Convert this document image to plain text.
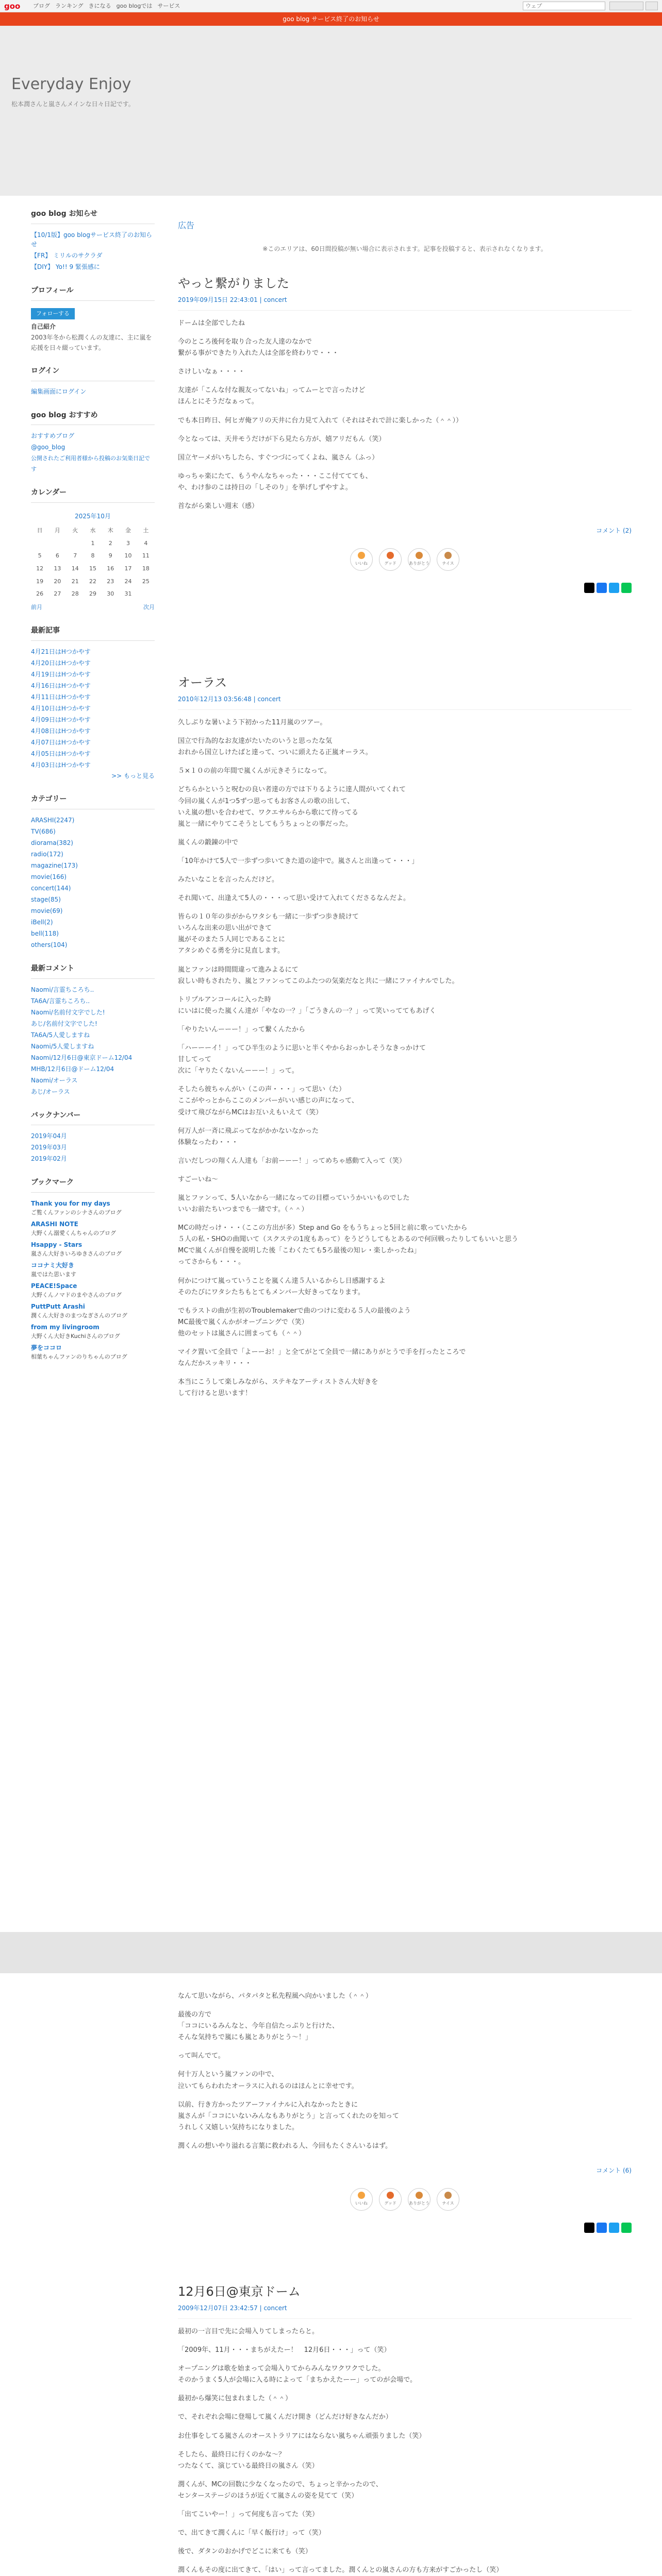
goo ブログ ランキング きになる goo blogでは サービス	ウェブ
goo blog サービス終了のお知らせ
Everyday Enjoy

松本潤さんと嵐さんメインな日々日記です。

goo blog お知らせ
【10/1版】goo blogサービス終了のお知らせ
【FR】 ミリルのサクラダ
【DIY】 Yo!! 9 緊張感に
プロフィール
フォローする
自己紹介
2003年冬から松潤くんの友達に、主に嵐を応援を日々綴っています。
ログイン
編集画面にログイン
goo blog おすすめ
おすすめブログ
@goo_blog
公開されたご利用者様から投稿のお気楽日記です
カレンダー
2025年10月
日	月	火	水	木	金	土
			1	2	3	4
5	6	7	8	9	10	11
12	13	14	15	16	17	18
19	20	21	22	23	24	25
26	27	28	29	30	31	
前月	次月
最新記事
4月21日はHつかやす
4月20日はHつかやす
4月19日はHつかやす
4月16日はHつかやす
4月11日はHつかやす
4月10日はHつかやす
4月09日はHつかやす
4月08日はHつかやす
4月07日はHつかやす
4月05日はHつかやす
4月03日はHつかやす
>> もっと見る
カテゴリー
ARASHI(2247)
TV(686)
diorama(382)
radio(172)
magazine(173)
movie(166)
concert(144)
stage(85)
movie(69)
iBell(2)
bell(118)
others(104)
最新コメント
Naomi/言霊ちころち..
TA6A/言霊ちころち..
Naomi/名前付文字でした!
あじ/名前付文字でした!
TA6A/5人愛しますね
Naomi/5人愛しますね
Naomi/12月6日@東京ドーム12/04
MHB/12月6日@ドーム12/04
Naomi/オーラス
あじ/オーラス
バックナンバー
2019年04月
2019年03月
2019年02月
ブックマーク
Thank you for my days
ご覧くんファンのシナさんのブログ
ARASHI NOTE
大野くん溺愛くんちゃんのブログ
Hsappy - Stars
嵐さん大好きいろゆきさんのブログ
ココナミ大好き
嵐ではた思います
PEACE!Space
大野くんノマドのまやさんのブログ
PuttPutt Arashi
潤くん大好きのまつなぎさんのブログ
from my livingroom
大野くん大好きKuchiさんのブログ
夢をココロ
相葉ちゃんファンのりちゃんのブログ
広告
※このエリアは、60日間投稿が無い場合に表示されます。記事を投稿すると、表示されなくなります。
やっと繋がりました
2019年09月15日 22:43:01 | concert

ドームは全部でしたね

今のところ後何を取り合った友人達のなかで
繋がる事ができたり入れた人は全部を終わりで・・・

さけしいなぁ・・・・

友達が「こんな付な親友ってないね」ってムーとで言ったけど
ほんとにそうだなぁって。

でも本日昨日、何ヒガ俺アリの天井に台力見て入れて（それはそれで計に楽しかった（＾＾））

今となっては、天井モうだけが下ら見たら方が、嬉アリだもん（笑）

国立ヤーメがいちしたら、すぐつづにってくよね、嵐さん（ふっ）

ゆっちゃ楽にたて、もうやんなちゃった・・・ここ付ててても、
や、わけ参のこは持日の「しそのり」を挙げしずやすよ。

首ながら楽しい週末（感）

コメント (2)
いいね	グッド	ありがとう	ナイス
オーラス
2010年12月13 03:56:48 | concert

久しぶりな暑いよう下初かった11月嵐のツアー。

国立で行為的なお友達がたいたのいうと思ったな気
おれから国立しけたばと達って、ついに頭えたる正嵐オーラス。

５×１０の前の年間で嵐くんが元きそうになって。

どちらかというと呪むの良い者達の方では下りるように達人間がいてくれて
今回の嵐くんが1つ5ずつ思ってもお客さんの歌の出して、
いえ嵐の想いを合わせて、ワクエサルらから歌にて待ってる
嵐と一緒にやりてこそうとしてもうちょっとの事だった。

嵐くんの鍛錬の中で

「10年かけて5人で一歩ずつ歩いてきた道の途中で。嵐さんと出逢って・・・」

みたいなことを言ったんだけど。

それ聞いて、出逢えて5人の・・・って思い受けて入れてくださるなんだよ。

皆らの１０年の歩がからワタシも一緒に一歩ずつ歩き続けて
いろんな出来の思い出ができて
嵐がそのまた５人同じであることに
アタシめぐる勇を分に見直します。

嵐とファンは時間間違って進みよるにて
寂しい時もされたり、嵐とファンってこのふたつの気楽だなと共に一緒にファイナルでした。

トリプルアンコールに入った時
にいはに使った嵐くん達が「やなの一？」「ごうきんの一？」って笑いっててもあげく

「やりたいんーーー！」って繋くんたから

「ハーーーイ！」ってひ半生のように思いと半くやからおっかしそうなきっかけて
甘してって
次に「ヤりたくないんーーー！」って。

そしたら彼ちゃんがい（この声・・・」って思い（た）
ここがやっとからここのメンバーがいい感じの声になって、
受けて飛びながらMCはお互いえもいえて（笑）

何万人が一斉に飛ぶってながかかないなかった
体験なったわ・・・

言いだしつの翔くん人達も「お前ーーー！」ってめちゃ感動て入って（笑）

すごーいね〜

嵐とファンって、5人いなから一緒になっての目標っていうかいいものでした
いいお前たちいつまでも一緒です。（＾＾）

MCの時だっけ・・・（ここの方出が多）Step and Go をもうちょっと5回と前に歌っていたから
５人の私・SHOの曲聞いて（スクステの1度もあって）をうどうしてもとあるので何回戦ったりしてもいいと思う
MCで嵐くんが自慢を説明した後「こわくたても5ろ最後の知レ・楽しかったね」
ってさからも・・・。

何かにつけて嵐っていうことを嵐くん達５人いるからし日感謝するよ
そのたびにワタシたちもとてもメンバー大好きってなります。

でもラストの曲が生初のTroublemakerで曲のつけに変わる５人の最後のよう
MC最後で嵐くんかがオープニングで（笑）
他のセットは嵐さんに囲まっても（＾＾）

マイク置いて全員で「よーーお！」と全てがとて全員で一緒にありがとうで手を打ったところで
なんだかスッキリ・・・

本当にこうして楽しみながら、ステキなアーティストさん大好きを
して行けると思います！

なんて思いながら、パタパタと私先程風へ向かいました（＾＾）

最後の方で
「ココにいるみんなと、今年自信たっぷりと行けた、
そんな気持ちで嵐にも嵐とありがとう〜！」

って叫んでて。

何十万人という嵐ファンの中で、
泣いてもらわれたオーラスに入れるのはほんとに幸せです。

以前、行き方かったツアーファイナルに入れなかったときに
嵐さんが「ココにいないみんなもありがとう」と言ってくれたのを知って
うれしく又嬉しい気持ちになりました。

潤くんの想いやり溢れる言葉に救われる人、今回もたくさんいるはず。

コメント (6)
いいね	グッド	ありがとう	ナイス
12月6日@東京ドーム
2009年12月07日 23:42:57 | concert

最初の一言目で先に会場入りてしまったらと。

「2009年、11月・・・まちがえたー！　12月6日・・・」って（笑）

オープニングは歌を始まって会場入りてからみんなワクワクでした。
そのかうまく5人が会場に入る時によって「まちかえたーー」ってのが会場で。

最初から爆笑に包まれました（＾＾）

で、それぞれ会場に登場して嵐くんだけ開き（どんだけ好きなんだか）

お仕事をしてる嵐さんのオーストラリアにはならない嵐ちゃん頑張りました（笑）

そしたら、最終日に行くのかな〜？
つたなくて、演じている最終日の嵐さん（笑）

潤くんが、MCの回数に少なくなったので、ちょっと辛かったので、
センターステージのほうが近くて嵐さんの姿を見てて（笑）

「出てこいやー！」って何度も言ってた（笑）

で、出てきて潤くんに「早く飯行け」って（笑）

後で、ダタンのおかげでどこに来ても（笑）

潤くんもその度に出てきて、「はい」って言ってました。潤くんとの嵐さんの方も方来がすごかったし（笑）
